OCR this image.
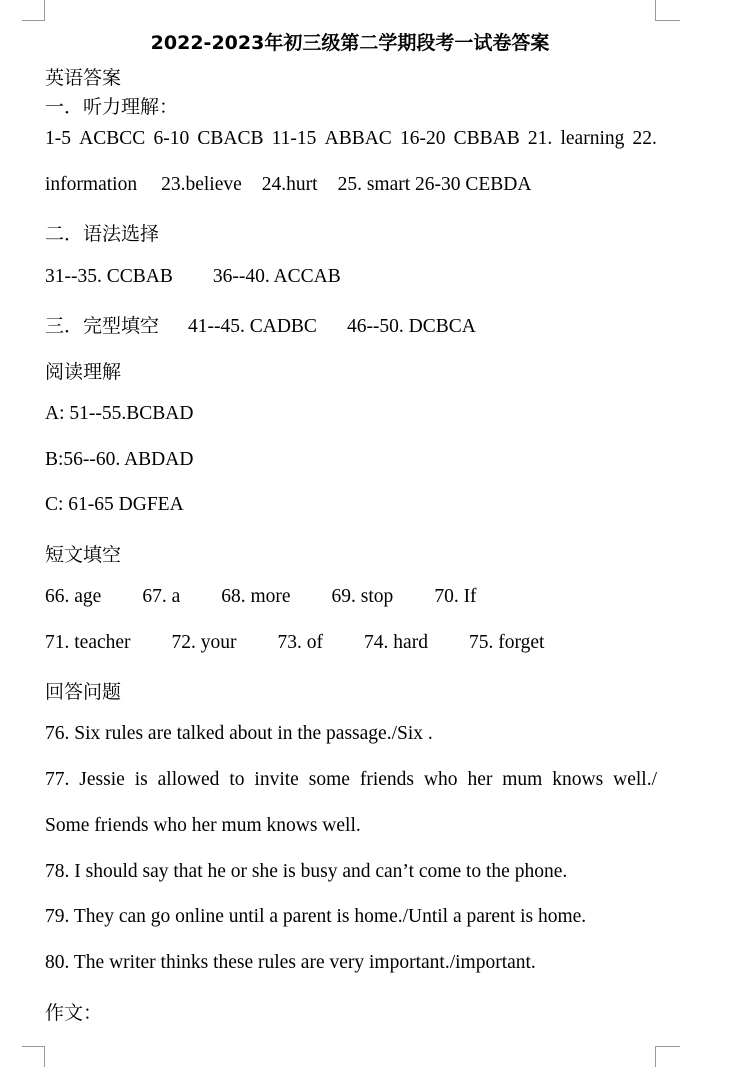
2022-2023年初三级第二学期段考一试卷答案
英语答案
一．听力理解：
1-5 ACBCC 6-10 CBACB 11-15 ABBAC 16-20 CBBAB 21. learning 22.
information 23.believe 24.hurt 25. smart 26-30 CEBDA
二．语法选择
31--35. CCBAB 36--40. ACCAB
三．完型填空 41--45. CADBC 46--50. DCBCA
阅读理解
A: 51--55.BCBAD
B:56--60. ABDAD
C: 61-65 DGFEA
短文填空
66. age 67. a 68. more 69. stop 70. If
71. teacher 72. your 73. of 74. hard 75. forget
回答问题
76. Six rules are talked about in the passage./Six .
77. Jessie is allowed to invite some friends who her mum knows well./
Some friends who her mum knows well.
78. I should say that he or she is busy and can’t come to the phone.
79. They can go online until a parent is home./Until a parent is home.
80. The writer thinks these rules are very important./important.
作文：
